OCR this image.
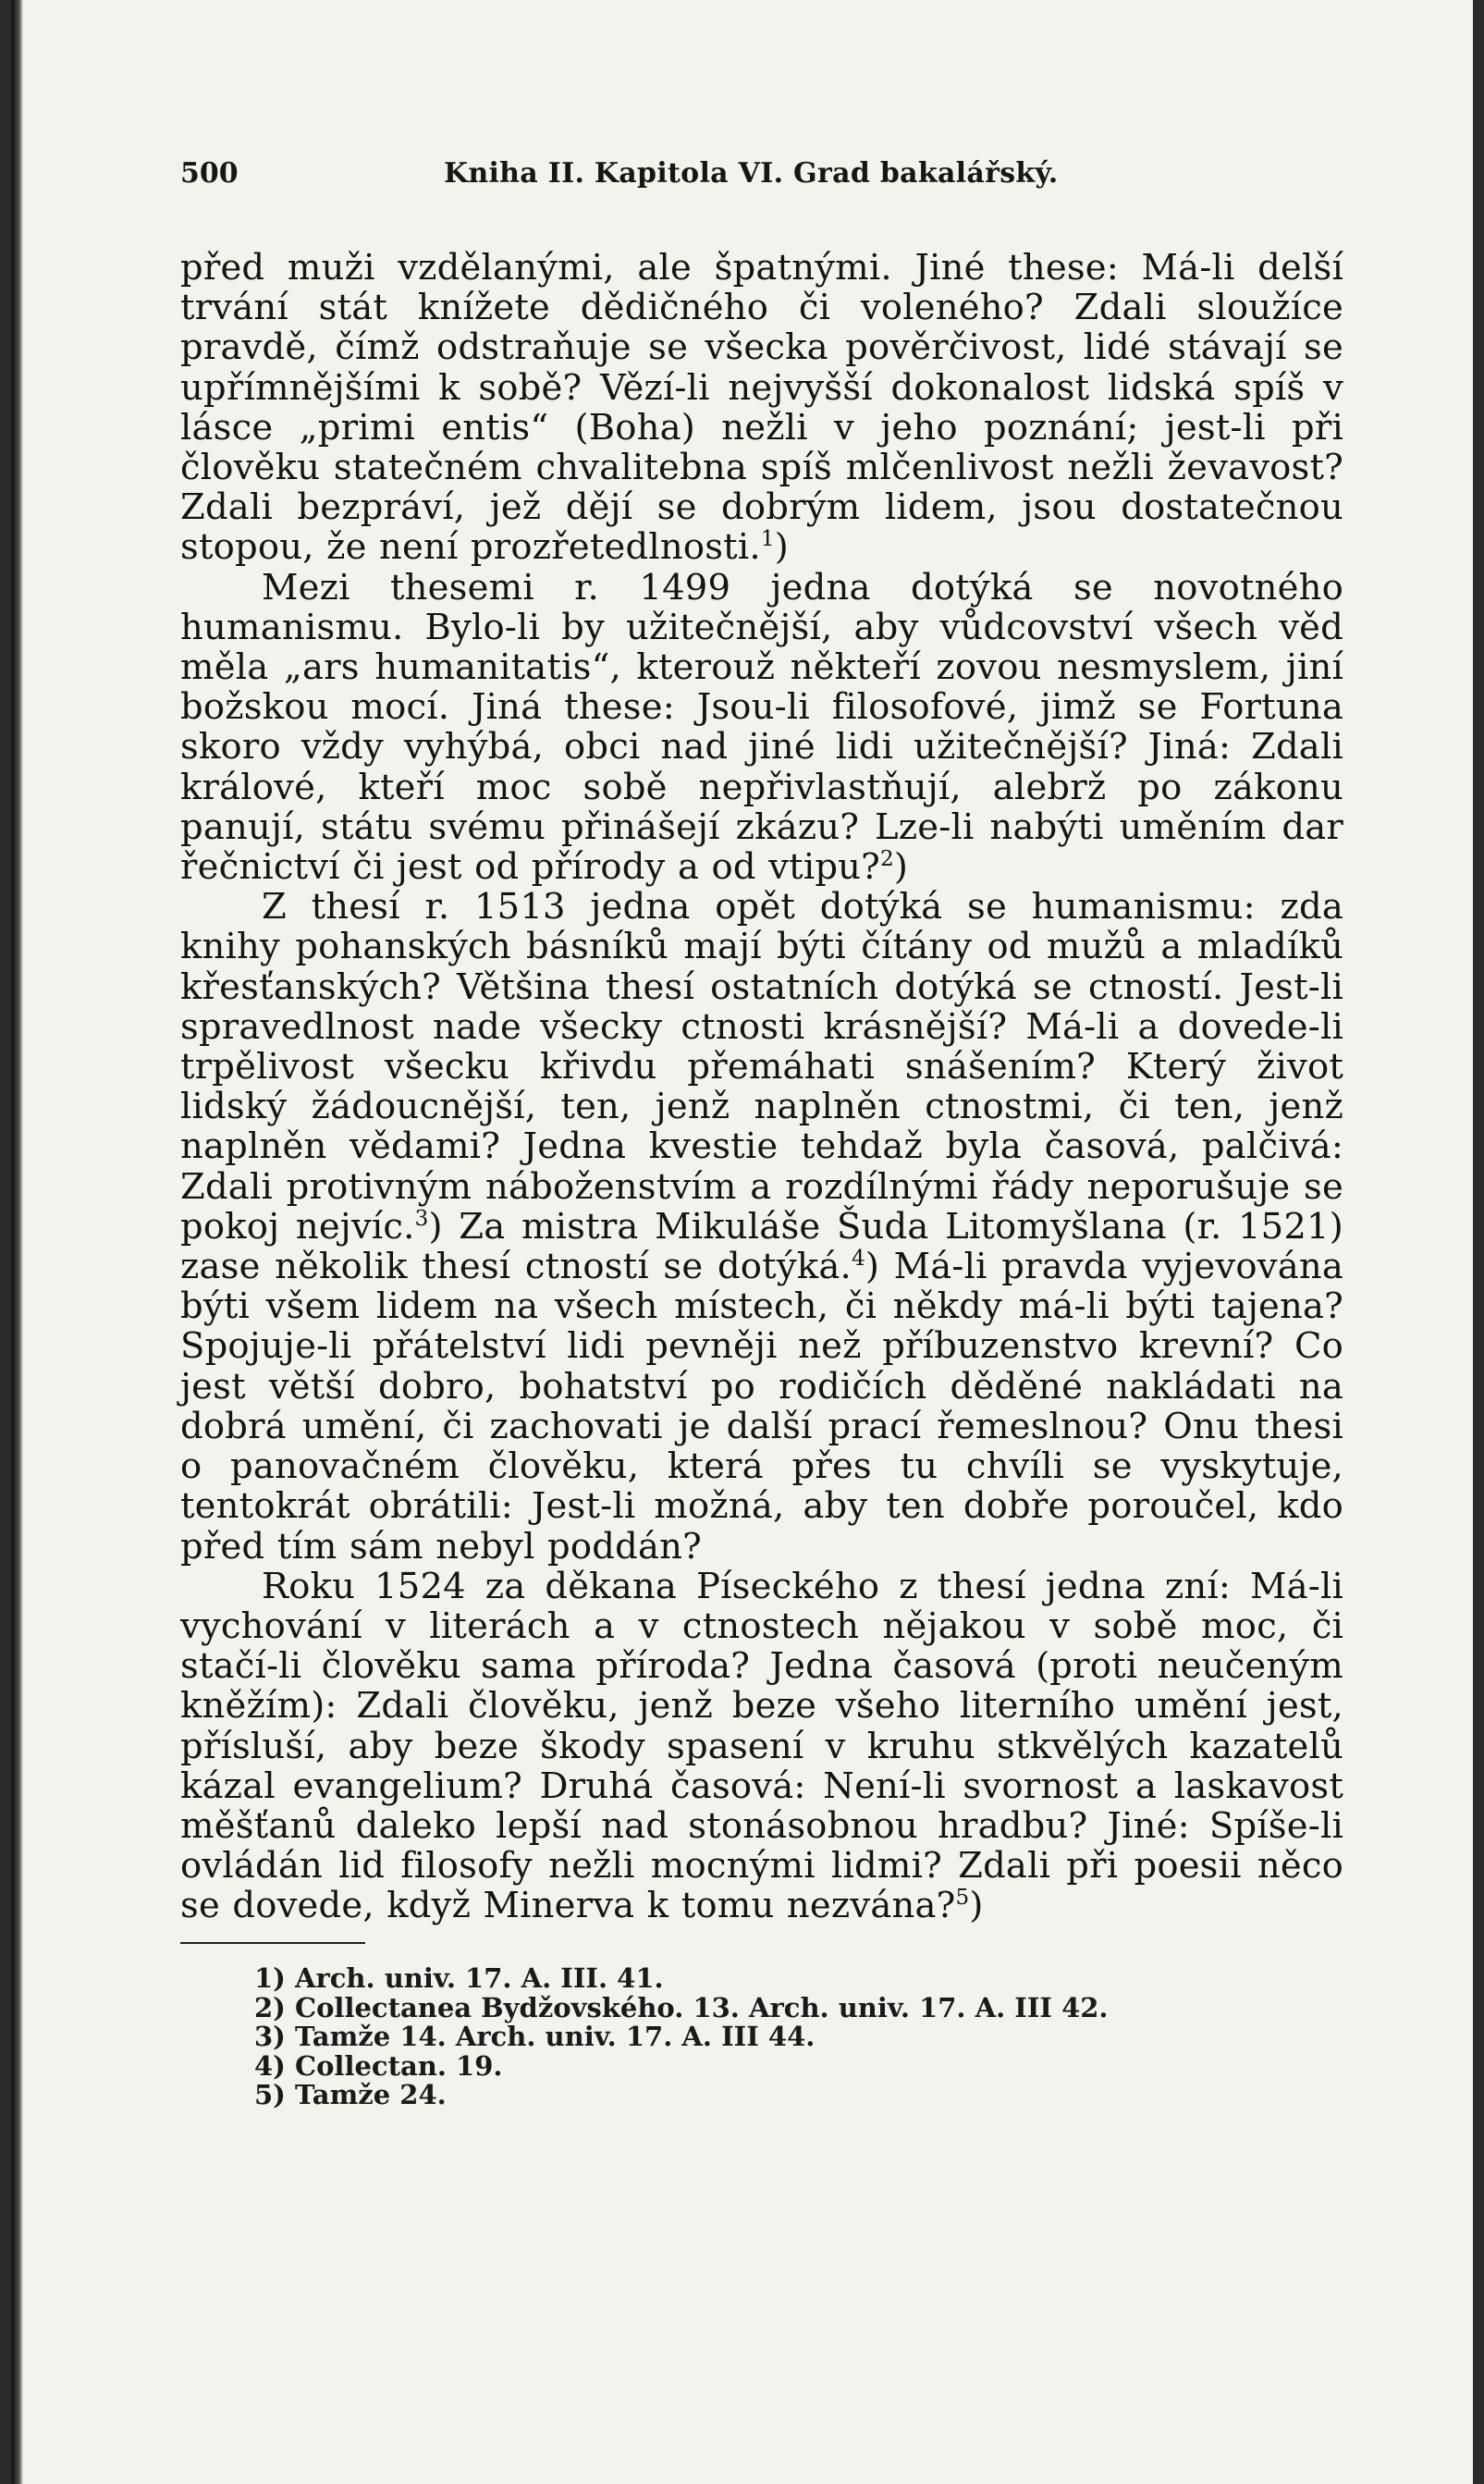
500	Kniha II. Kapitola VI. Grad bakalářský.

před muži vzdělanými, ale špatnými. Jiné these: Má-li delší trvání stát knížete dědičného či voleného? Zdali sloužíce pravdě, čímž odstraňuje se všecka pověrčivost, lidé stávají se upřímnějšími k sobě? Vězí-li nejvyšší dokonalost lidská spíš v lásce „primi entis“ (Boha) nežli v jeho poznání; jest-li při člověku statečném chvalitebna spíš mlčenlivost nežli ževavost? Zdali bezpráví, jež dějí se dobrým lidem, jsou dostatečnou stopou, že není prozřetedlnosti.$^1$)

Mezi thesemi r. 1499 jedna dotýká se novotného humanismu. Bylo-li by užitečnější, aby vůdcovství všech věd měla „ars humanitatis“, kterouž někteří zovou nesmyslem, jiní božskou mocí. Jiná these: Jsou-li filosofové, jimž se Fortuna skoro vždy vyhýbá, obci nad jiné lidi užitečnější? Jiná: Zdali králové, kteří moc sobě nepřivlastňují, alebrž po zákonu panují, státu svému přinášejí zkázu? Lze-li nabýti uměním dar řečnictví či jest od přírody a od vtipu?$^2$)

Z thesí r. 1513 jedna opět dotýká se humanismu: zda knihy pohanských básníků mají býti čítány od mužů a mladíků křesťanských? Většina thesí ostatních dotýká se ctností. Jest-li spravedlnost nade všecky ctnosti krásnější? Má-li a dovede-li trpělivost všecku křivdu přemáhati snášením? Který život lidský žádoucnější, ten, jenž naplněn ctnostmi, či ten, jenž naplněn vědami? Jedna kvestie tehdaž byla časová, palčivá: Zdali protivným náboženstvím a rozdílnými řády neporušuje se pokoj nejvíc.$^3$) Za mistra Mikuláše Šuda Litomyšlana (r. 1521) zase několik thesí ctností se dotýká.$^4$) Má-li pravda vyjevována býti všem lidem na všech místech, či někdy má-li býti tajena? Spojuje-li přátelství lidi pevněji než příbuzenstvo krevní? Co jest větší dobro, bohatství po rodičích děděné nakládati na dobrá umění, či zachovati je další prací řemeslnou? Onu thesi o panovačném člověku, která přes tu chvíli se vyskytuje, tentokrát obrátili: Jest-li možná, aby ten dobře poroučel, kdo před tím sám nebyl poddán?

Roku 1524 za děkana Píseckého z thesí jedna zní: Má-li vychování v literách a v ctnostech nějakou v sobě moc, či stačí-li člověku sama příroda? Jedna časová (proti neučeným kněžím): Zdali člověku, jenž beze všeho literního umění jest, přísluší, aby beze škody spasení v kruhu stkvělých kazatelů kázal evangelium? Druhá časová: Není-li svornost a laskavost měšťanů daleko lepší nad stonásobnou hradbu? Jiné: Spíše-li ovládán lid filosofy nežli mocnými lidmi? Zdali při poesii něco se dovede, když Minerva k tomu nezvána?$^5$)

1) Arch. univ. 17. A. III. 41.
2) Collectanea Bydžovského. 13. Arch. univ. 17. A. III 42.
3) Tamže 14. Arch. univ. 17. A. III 44.
4) Collectan. 19.
5) Tamže 24.
